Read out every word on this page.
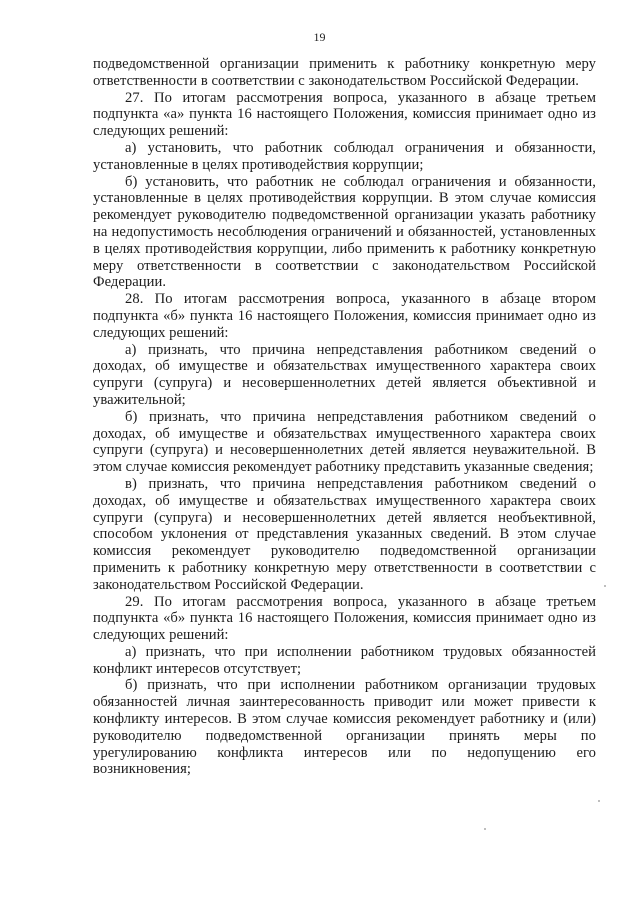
19

подведомственной организации применить к работнику конкретную меру ответственности в соответствии с законодательством Российской Федерации.

27. По итогам рассмотрения вопроса, указанного в абзаце третьем подпункта «а» пункта 16 настоящего Положения, комиссия принимает одно из следующих решений:

а) установить, что работник соблюдал ограничения и обязанности, установленные в целях противодействия коррупции;

б) установить, что работник не соблюдал ограничения и обязанности, установленные в целях противодействия коррупции. В этом случае комиссия рекомендует руководителю подведомственной организации указать работнику на недопустимость несоблюдения ограничений и обязанностей, установленных в целях противодействия коррупции, либо применить к работнику конкретную меру ответственности в соответствии с законодательством Российской Федерации.

28. По итогам рассмотрения вопроса, указанного в абзаце втором подпункта «б» пункта 16 настоящего Положения, комиссия принимает одно из следующих решений:

а) признать, что причина непредставления работником сведений о доходах, об имуществе и обязательствах имущественного характера своих супруги (супруга) и несовершеннолетних детей является объективной и уважительной;

б) признать, что причина непредставления работником сведений о доходах, об имуществе и обязательствах имущественного характера своих супруги (супруга) и несовершеннолетних детей является неуважительной. В этом случае комиссия рекомендует работнику представить указанные сведения;

в) признать, что причина непредставления работником сведений о доходах, об имуществе и обязательствах имущественного характера своих супруги (супруга) и несовершеннолетних детей является необъективной, способом уклонения от представления указанных сведений. В этом случае комиссия рекомендует руководителю подведомственной организации применить к работнику конкретную меру ответственности в соответствии с законодательством Российской Федерации.

29. По итогам рассмотрения вопроса, указанного в абзаце третьем подпункта «б» пункта 16 настоящего Положения, комиссия принимает одно из следующих решений:

а) признать, что при исполнении работником трудовых обязанностей конфликт интересов отсутствует;

б) признать, что при исполнении работником организации трудовых обязанностей личная заинтересованность приводит или может привести к конфликту интересов. В этом случае комиссия рекомендует работнику и (или) руководителю подведомственной организации принять меры по урегулированию конфликта интересов или по недопущению его возникновения;
